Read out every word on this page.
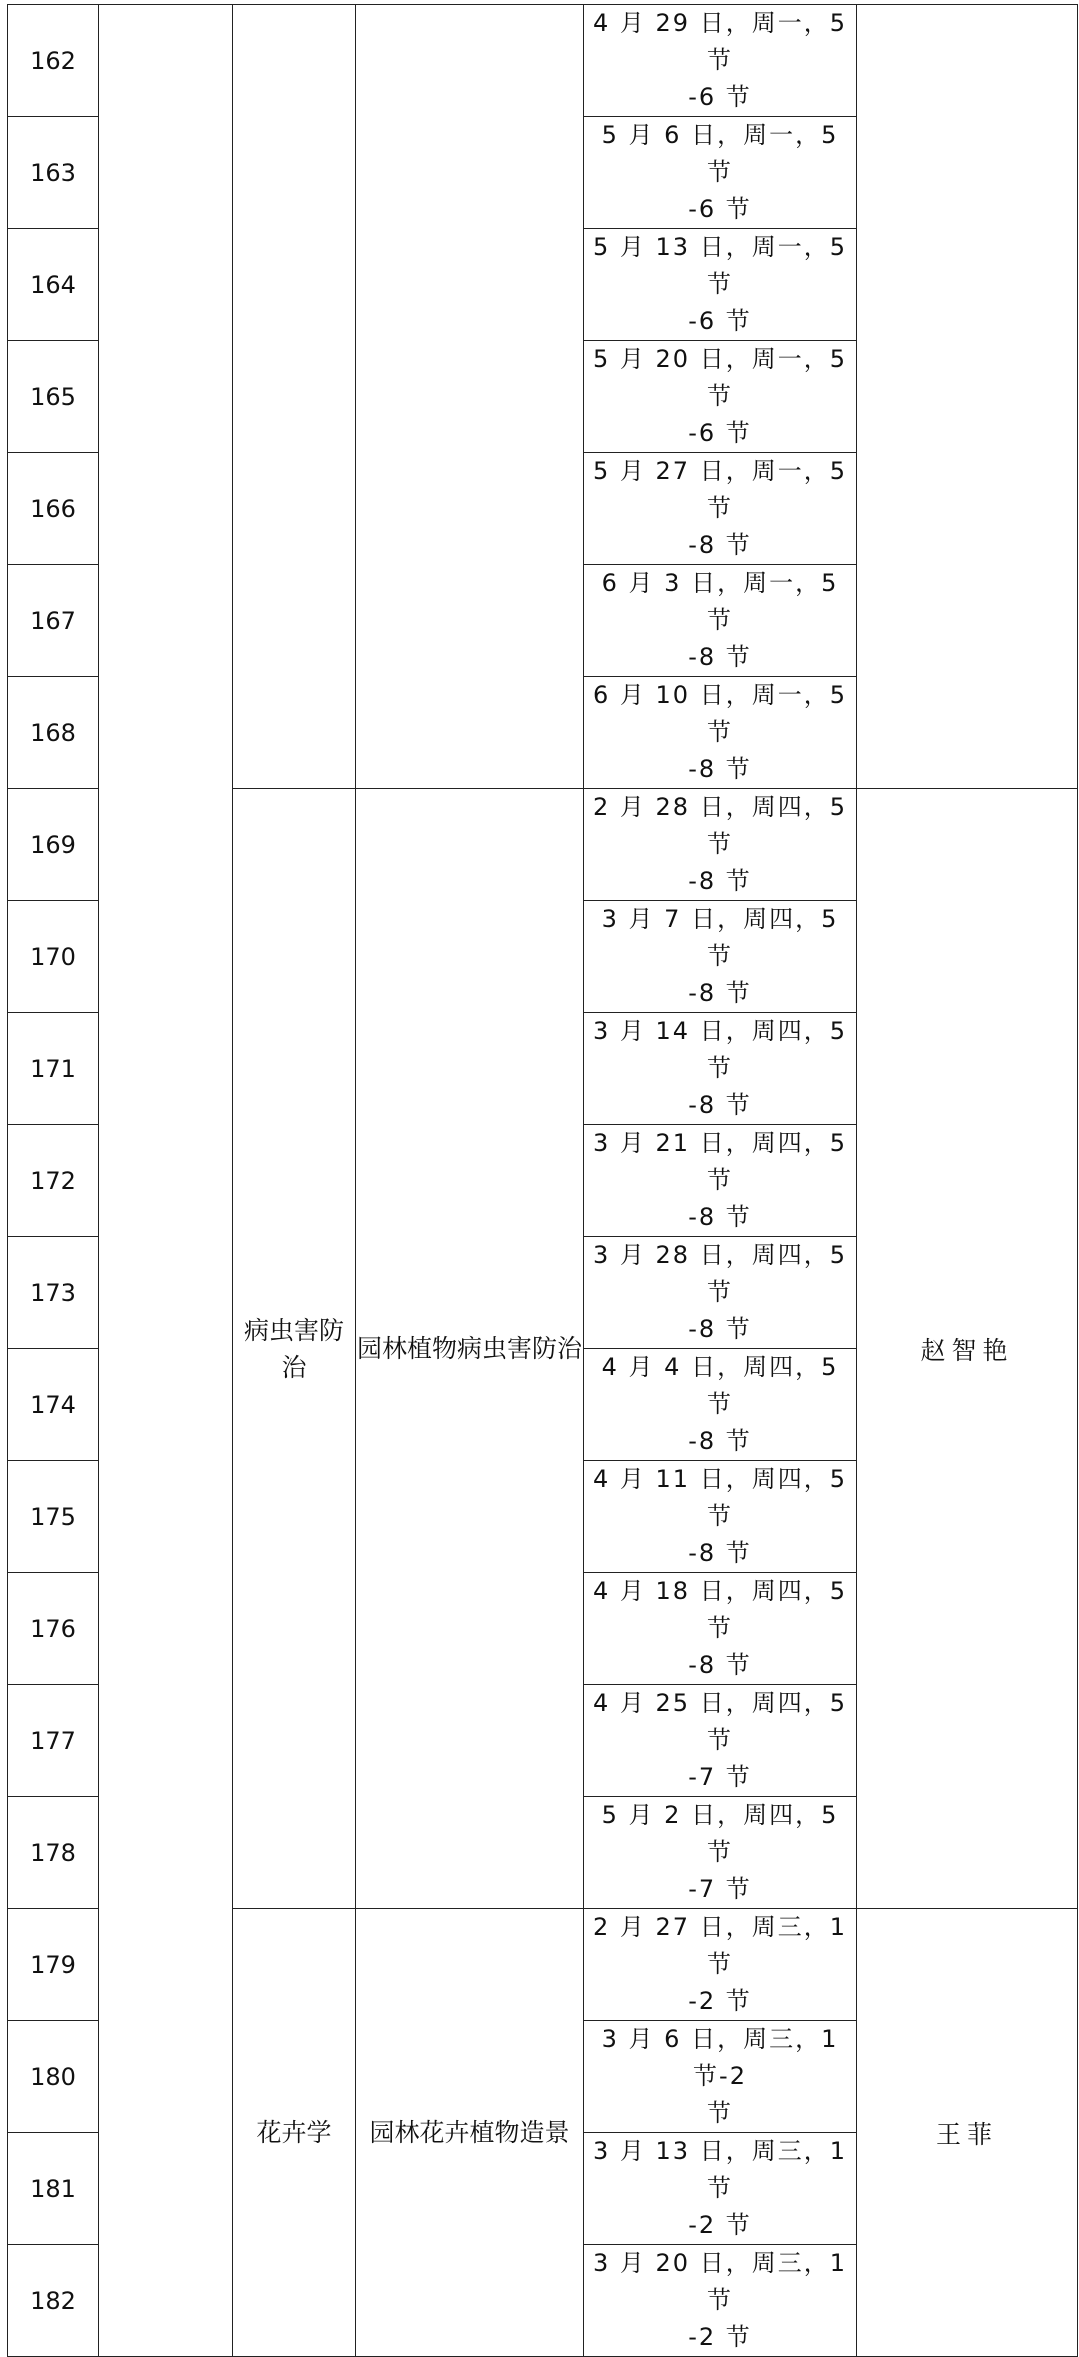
162				4 月 29 日，周一，5 节
-6 节	
163				5 月 6 日，周一，5 节
-6 节	
164				5 月 13 日，周一，5 节
-6 节	
165				5 月 20 日，周一，5 节
-6 节	
166				5 月 27 日，周一，5 节
-8 节	
167				6 月 3 日，周一，5 节
-8 节	
168				6 月 10 日，周一，5 节
-8 节	
169		病虫害防治	园林植物病虫害防治	2 月 28 日，周四，5 节
-8 节	赵智艳
170				3 月 7 日，周四，5 节
-8 节	
171				3 月 14 日，周四，5 节
-8 节	
172				3 月 21 日，周四，5 节
-8 节	
173				3 月 28 日，周四，5 节
-8 节	
174				4 月 4 日，周四，5 节
-8 节	
175				4 月 11 日，周四，5 节
-8 节	
176				4 月 18 日，周四，5 节
-8 节	
177				4 月 25 日，周四，5 节
-7 节	
178				5 月 2 日，周四，5 节
-7 节	
179		花卉学	园林花卉植物造景	2 月 27 日，周三，1 节
-2 节	王菲
180				3 月 6 日，周三，1 节-2
节	
181				3 月 13 日，周三，1 节
-2 节	
182				3 月 20 日，周三，1 节
-2 节	
